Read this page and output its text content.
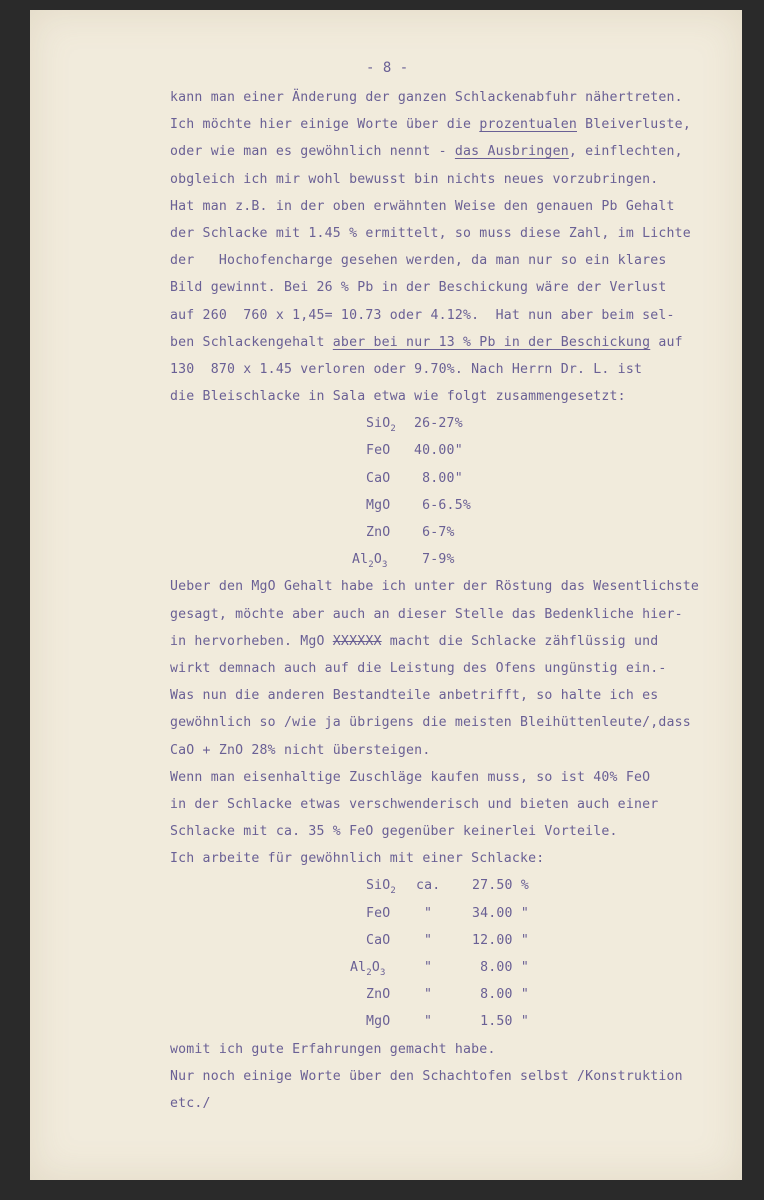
- 8 -
kann man einer Änderung der ganzen Schlackenabfuhr nähertreten.
Ich möchte hier einige Worte über die prozentualen Bleiverluste,
oder wie man es gewöhnlich nennt - das Ausbringen, einflechten,
obgleich ich mir wohl bewusst bin nichts neues vorzubringen.
Hat man z.B. in der oben erwähnten Weise den genauen Pb Gehalt
der Schlacke mit 1.45 % ermittelt, so muss diese Zahl, im Lichte
der   Hochofencharge gesehen werden, da man nur so ein klares
Bild gewinnt. Bei 26 % Pb in der Beschickung wäre der Verlust
auf 260  760 x 1,45= 10.73 oder 4.12%.  Hat nun aber beim sel-
ben Schlackengehalt aber bei nur 13 % Pb in der Beschickung auf
130  870 x 1.45 verloren oder 9.70%. Nach Herrn Dr. L. ist
die Bleischlacke in Sala etwa wie folgt zusammengesetzt:
SiO$_2$ 26-27%
FeO 40.00"
CaO 8.00"
MgO 6-6.5%
ZnO 6-7%
$Al_2O_3$ 7-9%
Ueber den MgO Gehalt habe ich unter der Röstung das Wesentlichste
gesagt, möchte aber auch an dieser Stelle das Bedenkliche hier-
in hervorheben. MgO XXXXXX macht die Schlacke zähflüssig und
wirkt demnach auch auf die Leistung des Ofens ungünstig ein.-
Was nun die anderen Bestandteile anbetrifft, so halte ich es
gewöhnlich so /wie ja übrigens die meisten Bleihüttenleute/,dass
CaO + ZnO 28% nicht übersteigen.
Wenn man eisenhaltige Zuschläge kaufen muss, so ist 40% FeO
in der Schlacke etwas verschwenderisch und bieten auch einer
Schlacke mit ca. 35 % FeO gegenüber keinerlei Vorteile.
Ich arbeite für gewöhnlich mit einer Schlacke:
SiO$_2$ ca. 27.50 %
FeO	"	34.00 "
CaO	"	12.00 "
$Al_2O_3$	"	8.00 "
ZnO	"	8.00 "
MgO	"	1.50 "
womit ich gute Erfahrungen gemacht habe.
Nur noch einige Worte über den Schachtofen selbst /Konstruktion
etc./
